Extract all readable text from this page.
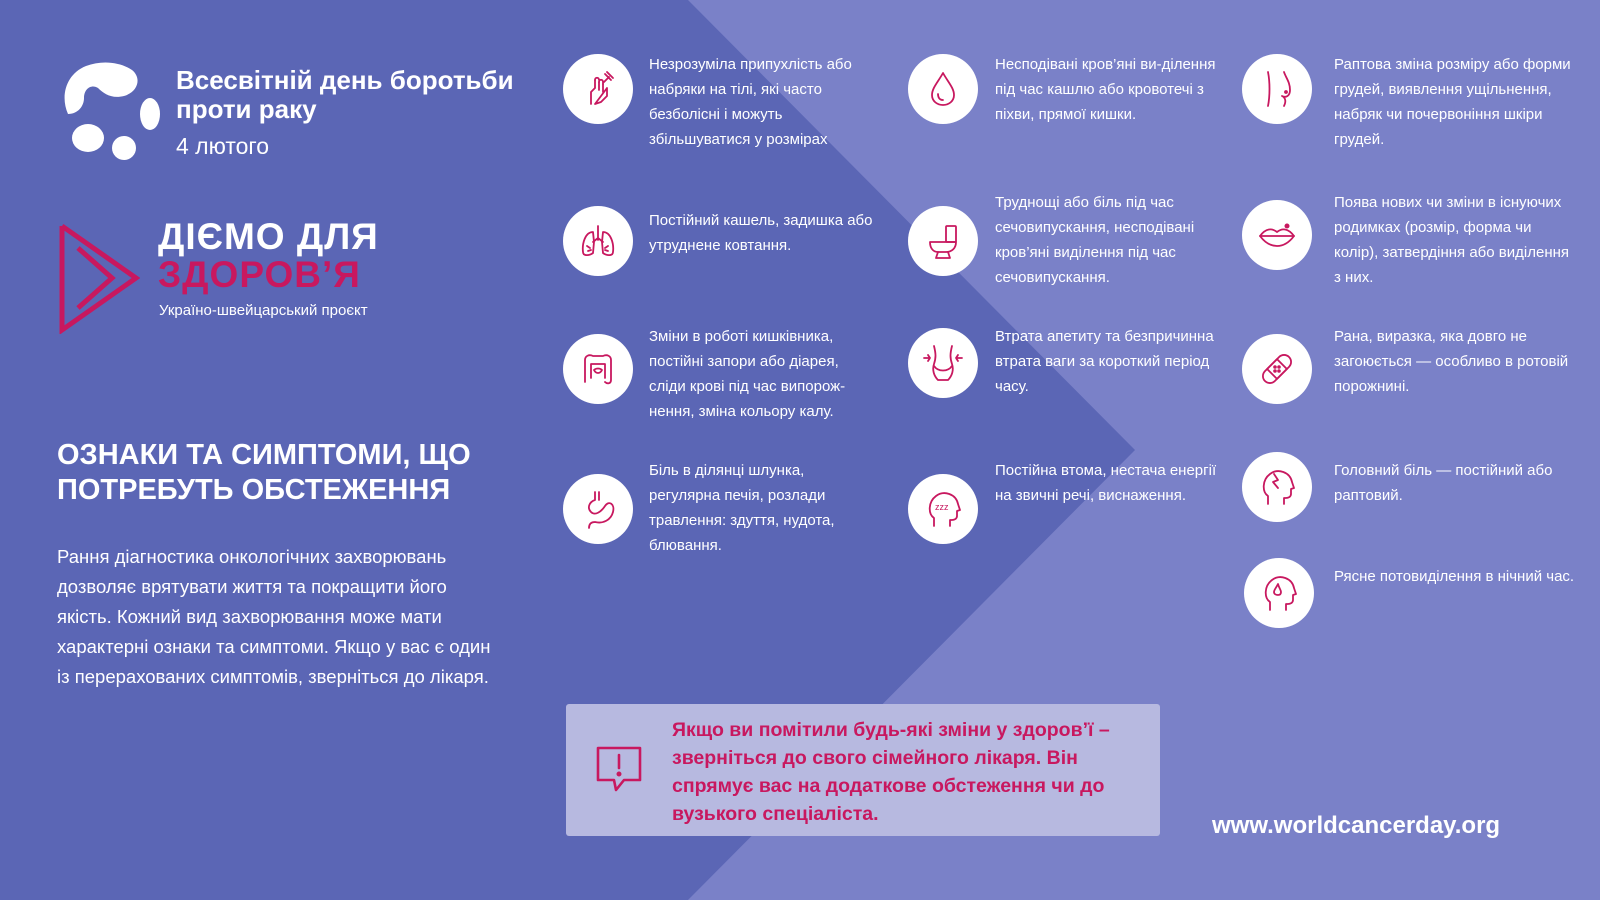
Всесвітній день боротьби проти раку
4 лютого
ДІЄМО ДЛЯ
ЗДОРОВ’Я
Україно-швейцарський проєкт
ОЗНАКИ ТА СИМПТОМИ, ЩО ПОТРЕБУТЬ ОБСТЕЖЕННЯ
Рання діагностика онкологічних захворювань дозволяє врятувати життя та покращити його якість. Кожний вид захворювання може мати характерні ознаки та симптоми. Якщо у вас є один із перерахованих симптомів, зверніться до лікаря.
Незрозуміла припухлість або набряки на тілі, які часто безболісні і можуть збільшуватися у розмірах
Постійний кашель, задишка або утруднене ковтання.
Зміни в роботі кишківника, постійні запори або діарея, сліди крові під час випорож-нення, зміна кольору калу.
Біль в ділянці шлунка, регулярна печія, розлади травлення: здуття, нудота, блювання.
Несподівані кров’яні ви-ділення під час кашлю або кровотечі з піхви, прямої кишки.
Труднощі або біль під час сечовипускання, несподівані кров’яні виділення під час сечовипускання.
Втрата апетиту та безпричинна втрата ваги за короткий період часу.
zzz
Постійна втома, нестача енергії на звичні речі, виснаження.
Раптова зміна розміру або форми грудей, виявлення ущільнення, набряк чи почервоніння шкіри грудей.
Поява нових чи зміни в існуючих родимках (розмір, форма чи колір), затвердіння або виділення з них.
Рана, виразка, яка довго не загоюється — особливо в ротовій порожнині.
Головний біль — постійний або раптовий.
Рясне потовиділення в нічний час.
Якщо ви помітили будь-які зміни у здоров’ї – зверніться до свого сімейного лікаря. Він спрямує вас на додаткове обстеження чи до вузького спеціаліста.	www.worldcancerday.org
